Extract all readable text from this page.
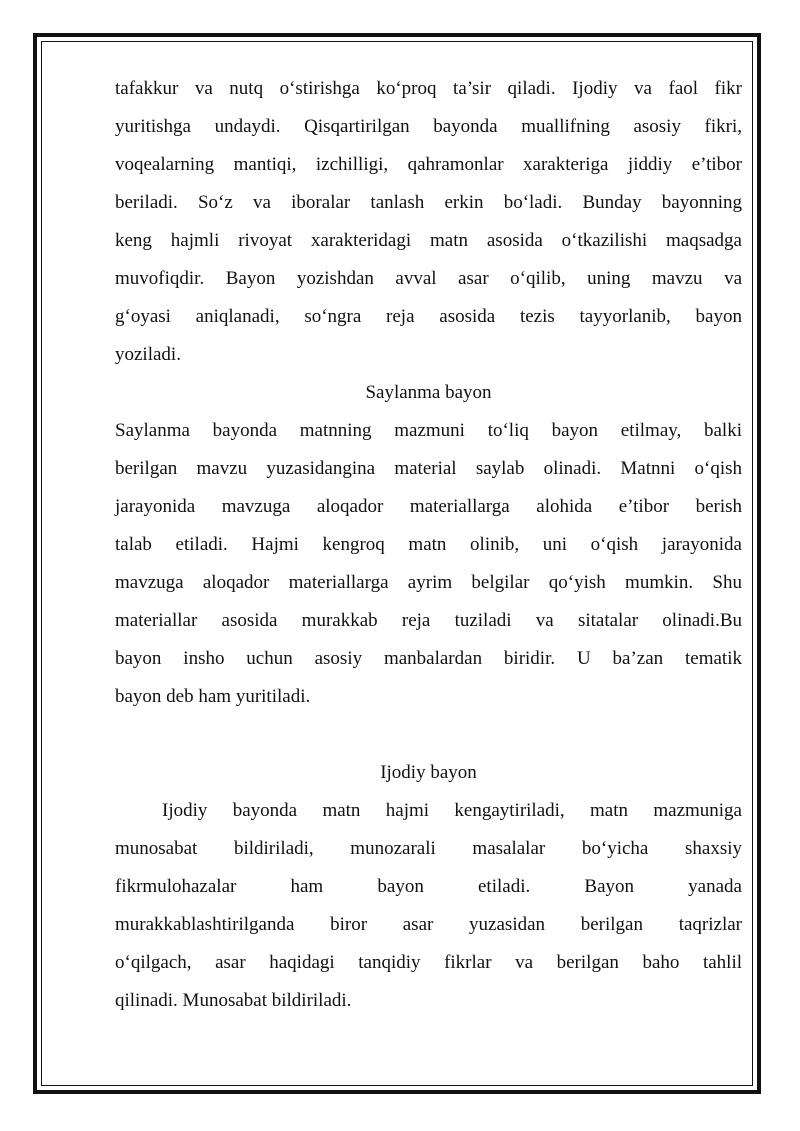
tafakkur va nutq o‘stirishga ko‘proq ta’sir qiladi. Ijodiy va faol fikr
yuritishga undaydi. Qisqartirilgan bayonda muallifning asosiy fikri,
voqealarning mantiqi, izchilligi, qahramonlar xarakteriga jiddiy e’tibor
beriladi. So‘z va iboralar tanlash erkin bo‘ladi. Bunday bayonning
keng hajmli rivoyat xarakteridagi matn asosida o‘tkazilishi maqsadga
muvofiqdir. Bayon yozishdan avval asar o‘qilib, uning mavzu va
g‘oyasi aniqlanadi, so‘ngra reja asosida tezis tayyorlanib, bayon
yoziladi.
Saylanma bayon
Saylanma bayonda matnning mazmuni to‘liq bayon etilmay, balki
berilgan mavzu yuzasidangina material saylab olinadi. Matnni o‘qish
jarayonida mavzuga aloqador materiallarga alohida e’tibor berish
talab etiladi. Hajmi kengroq matn olinib, uni o‘qish jarayonida
mavzuga aloqador materiallarga ayrim belgilar qo‘yish mumkin. Shu
materiallar asosida murakkab reja tuziladi va sitatalar olinadi.Bu
bayon insho uchun asosiy manbalardan biridir. U ba’zan tematik
bayon deb ham yuritiladi.
Ijodiy bayon
Ijodiy bayonda matn hajmi kengaytiriladi, matn mazmuniga
munosabat bildiriladi, munozarali masalalar bo‘yicha shaxsiy
fikrmulohazalar ham bayon etiladi. Bayon yanada
murakkablashtirilganda biror asar yuzasidan berilgan taqrizlar
o‘qilgach, asar haqidagi tanqidiy fikrlar va berilgan baho tahlil
qilinadi. Munosabat bildiriladi.
